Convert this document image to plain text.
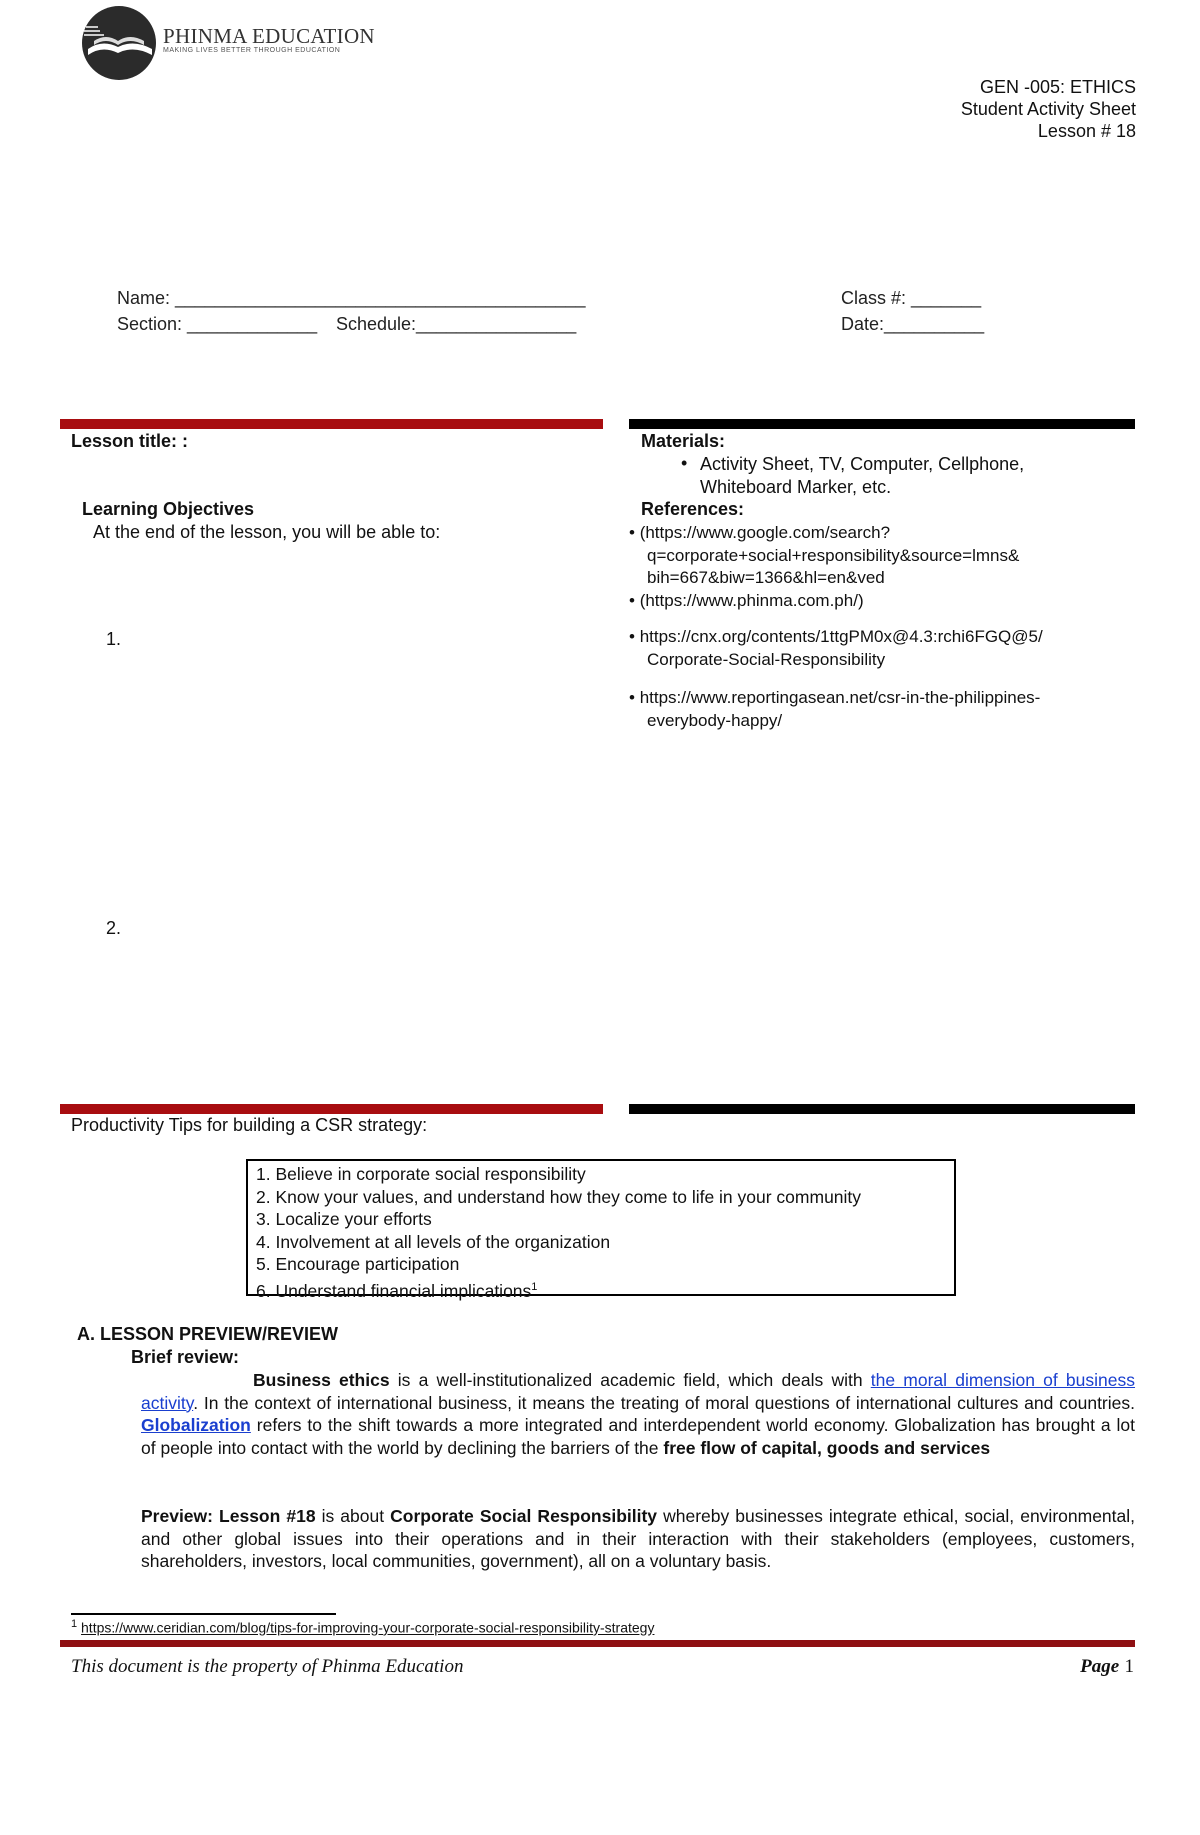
PHINMA EDUCATION
MAKING LIVES BETTER THROUGH EDUCATION
GEN -005: ETHICS
Student Activity Sheet
Lesson # 18
Name: _________________________________________
Section: _____________ Schedule:________________
Class #: _______
Date:__________
Lesson title: :
Learning Objectives
At the end of the lesson, you will be able to:
1.
2.
Materials:
• Activity Sheet, TV, Computer, Cellphone,
Whiteboard Marker, etc.
References:
• (https://www.google.com/search?
q=corporate+social+responsibility&source=lmns&
bih=667&biw=1366&hl=en&ved
• (https://www.phinma.com.ph/)
• https://cnx.org/contents/1ttgPM0x@4.3:rchi6FGQ@5/
Corporate-Social-Responsibility
• https://www.reportingasean.net/csr-in-the-philippines-
everybody-happy/
Productivity Tips for building a CSR strategy:
1. Believe in corporate social responsibility
2. Know your values, and understand how they come to life in your community
3. Localize your efforts
4. Involvement at all levels of the organization
5. Encourage participation
6. Understand financial implications$^1$
A. LESSON PREVIEW/REVIEW
Brief review:
Business ethics is a well-institutionalized academic field, which deals with the moral dimension of business activity. In the context of international business, it means the treating of moral questions of international cultures and countries. Globalization refers to the shift towards a more integrated and interdependent world economy. Globalization has brought a lot of people into contact with the world by declining the barriers of the free flow of capital, goods and services
Preview: Lesson #18 is about Corporate Social Responsibility whereby businesses integrate ethical, social, environmental, and other global issues into their operations and in their interaction with their stakeholders (employees, customers, shareholders, investors, local communities, government), all on a voluntary basis.
$^1$ https://www.ceridian.com/blog/tips-for-improving-your-corporate-social-responsibility-strategy
This document is the property of Phinma Education	Page 1
